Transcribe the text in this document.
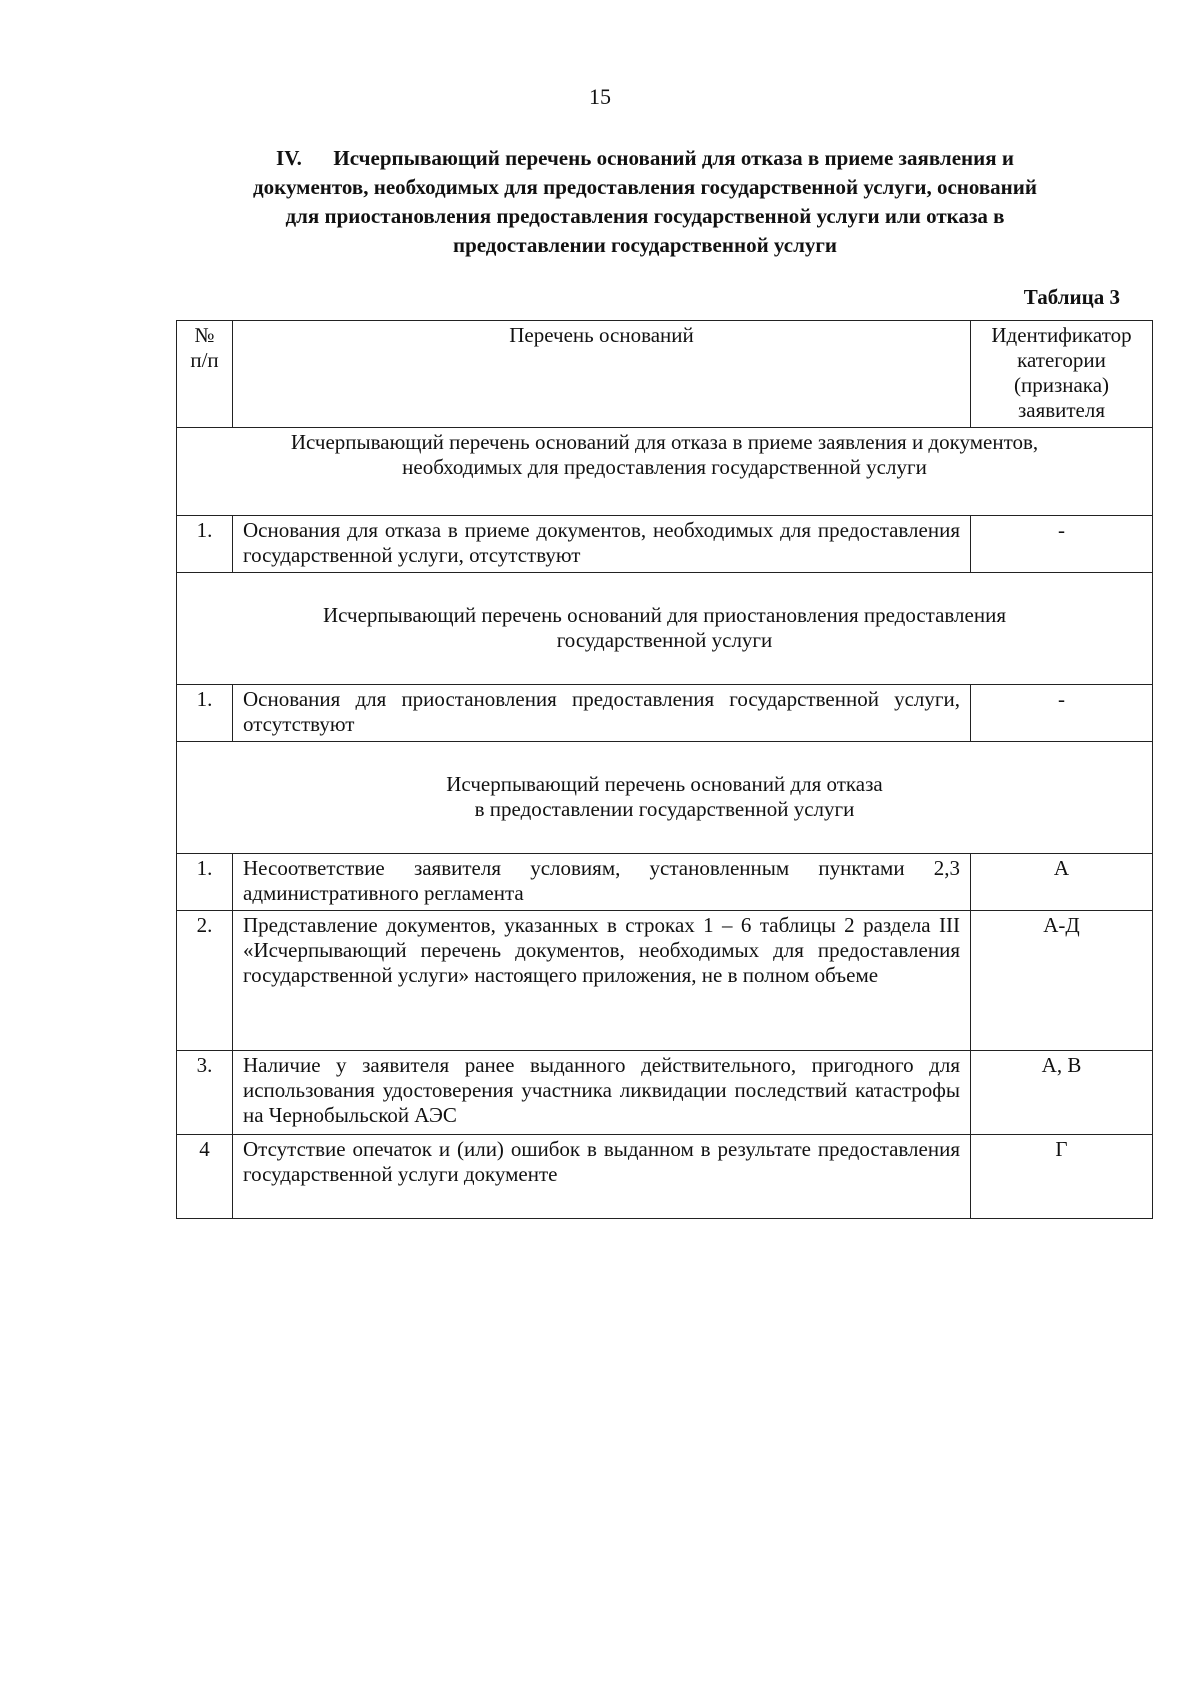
15
IV.      Исчерпывающий перечень оснований для отказа в приеме заявления и
документов, необходимых для предоставления государственной услуги, оснований
для приостановления предоставления государственной услуги или отказа в
предоставлении государственной услуги
Таблица 3
№
п/п	Перечень оснований	Идентификатор категории (признака) заявителя

Исчерпывающий перечень оснований для отказа в приеме заявления и документов,
необходимых для предоставления государственной услуги		

1.	Основания для отказа в приеме документов, необходимых для предоставления государственной услуги, отсутствуют	-

Исчерпывающий перечень оснований для приостановления предоставления
государственной услуги		

1.	Основания для приостановления предоставления государственной услуги, отсутствуют	-

Исчерпывающий перечень оснований для отказа
в предоставлении государственной услуги		

1.	Несоответствие заявителя условиям, установленным пунктами 2,3 административного регламента	А
2.	Представление документов, указанных в строках 1 – 6 таблицы 2 раздела III «Исчерпывающий перечень документов, необходимых для предоставления государственной услуги» настоящего приложения, не в полном объеме	А-Д
3.	Наличие у заявителя ранее выданного действительного, пригодного для использования удостоверения участника ликвидации последствий катастрофы на Чернобыльской АЭС	А, В
4	Отсутствие опечаток и (или) ошибок в выданном в результате предоставления государственной услуги документе	Г
